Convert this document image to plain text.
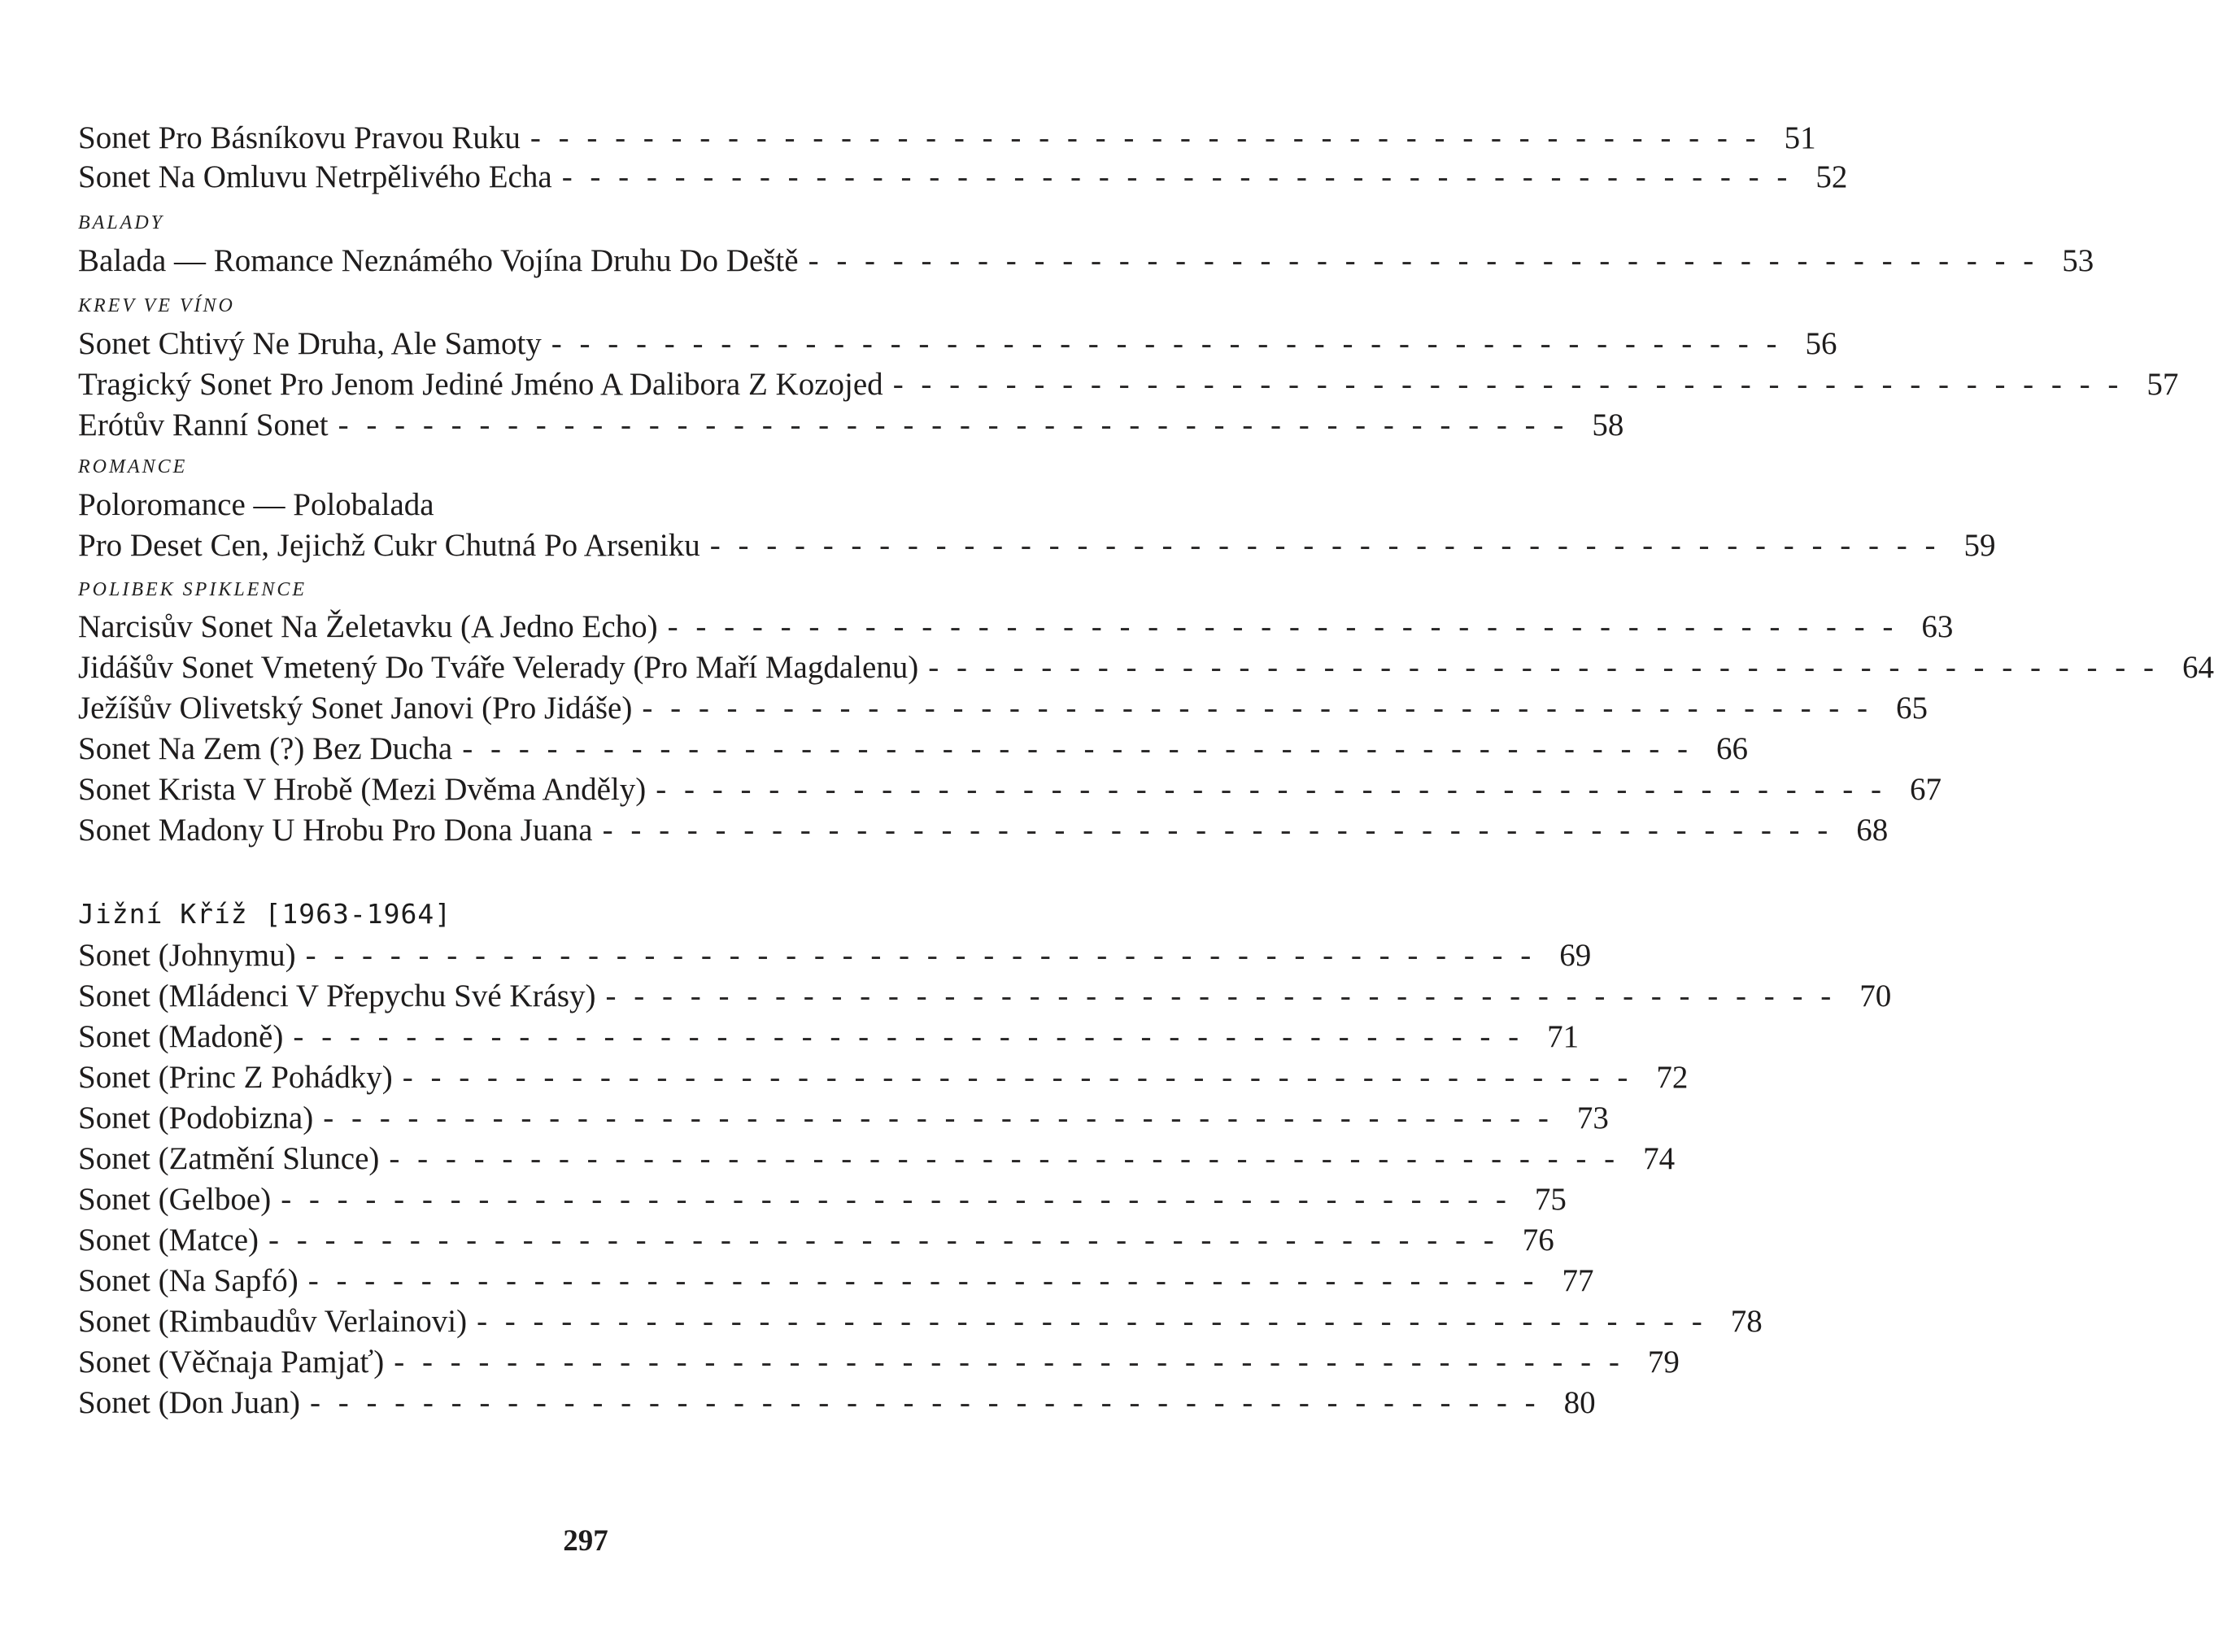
Sonet Pro Básníkovu Pravou Ruku - - - - - - - - - - - - - - - - - - - - - - - - - - - - - - - - - - - - - - - - - - - - 51
Sonet Na Omluvu Netrpělivého Echa - - - - - - - - - - - - - - - - - - - - - - - - - - - - - - - - - - - - - - - - - - - - 52
BALADY
Balada — Romance Neznámého Vojína Druhu Do Deště - - - - - - - - - - - - - - - - - - - - - - - - - - - - - - - - - - - - - - - - - - - - 53
KREV VE VÍNO
Sonet Chtivý Ne Druha, Ale Samoty - - - - - - - - - - - - - - - - - - - - - - - - - - - - - - - - - - - - - - - - - - - - 56
Tragický Sonet Pro Jenom Jediné Jméno A Dalibora Z Kozojed - - - - - - - - - - - - - - - - - - - - - - - - - - - - - - - - - - - - - - - - - - - - 57
Erótův Ranní Sonet - - - - - - - - - - - - - - - - - - - - - - - - - - - - - - - - - - - - - - - - - - - - 58
ROMANCE
Poloromance — Polobalada
Pro Deset Cen, Jejichž Cukr Chutná Po Arseniku - - - - - - - - - - - - - - - - - - - - - - - - - - - - - - - - - - - - - - - - - - - - 59
POLIBEK SPIKLENCE
Narcisův Sonet Na Želetavku (A Jedno Echo) - - - - - - - - - - - - - - - - - - - - - - - - - - - - - - - - - - - - - - - - - - - - 63
Jidášův Sonet Vmetený Do Tváře Velerady (Pro Maří Magdalenu) - - - - - - - - - - - - - - - - - - - - - - - - - - - - - - - - - - - - - - - - - - - - 64
Ježíšův Olivetský Sonet Janovi (Pro Jidáše) - - - - - - - - - - - - - - - - - - - - - - - - - - - - - - - - - - - - - - - - - - - - 65
Sonet Na Zem (?) Bez Ducha - - - - - - - - - - - - - - - - - - - - - - - - - - - - - - - - - - - - - - - - - - - - 66
Sonet Krista V Hrobě (Mezi Dvěma Anděly) - - - - - - - - - - - - - - - - - - - - - - - - - - - - - - - - - - - - - - - - - - - - 67
Sonet Madony U Hrobu Pro Dona Juana - - - - - - - - - - - - - - - - - - - - - - - - - - - - - - - - - - - - - - - - - - - - 68
Jižní Kříž [1963-1964]
Sonet (Johnymu) - - - - - - - - - - - - - - - - - - - - - - - - - - - - - - - - - - - - - - - - - - - - 69
Sonet (Mládenci V Přepychu Své Krásy) - - - - - - - - - - - - - - - - - - - - - - - - - - - - - - - - - - - - - - - - - - - - 70
Sonet (Madoně) - - - - - - - - - - - - - - - - - - - - - - - - - - - - - - - - - - - - - - - - - - - - 71
Sonet (Princ Z Pohádky) - - - - - - - - - - - - - - - - - - - - - - - - - - - - - - - - - - - - - - - - - - - - 72
Sonet (Podobizna) - - - - - - - - - - - - - - - - - - - - - - - - - - - - - - - - - - - - - - - - - - - - 73
Sonet (Zatmění Slunce) - - - - - - - - - - - - - - - - - - - - - - - - - - - - - - - - - - - - - - - - - - - - 74
Sonet (Gelboe) - - - - - - - - - - - - - - - - - - - - - - - - - - - - - - - - - - - - - - - - - - - - 75
Sonet (Matce) - - - - - - - - - - - - - - - - - - - - - - - - - - - - - - - - - - - - - - - - - - - - 76
Sonet (Na Sapfó) - - - - - - - - - - - - - - - - - - - - - - - - - - - - - - - - - - - - - - - - - - - - 77
Sonet (Rimbaudův Verlainovi) - - - - - - - - - - - - - - - - - - - - - - - - - - - - - - - - - - - - - - - - - - - - 78
Sonet (Věčnaja Pamjať) - - - - - - - - - - - - - - - - - - - - - - - - - - - - - - - - - - - - - - - - - - - - 79
Sonet (Don Juan) - - - - - - - - - - - - - - - - - - - - - - - - - - - - - - - - - - - - - - - - - - - - 80
297
